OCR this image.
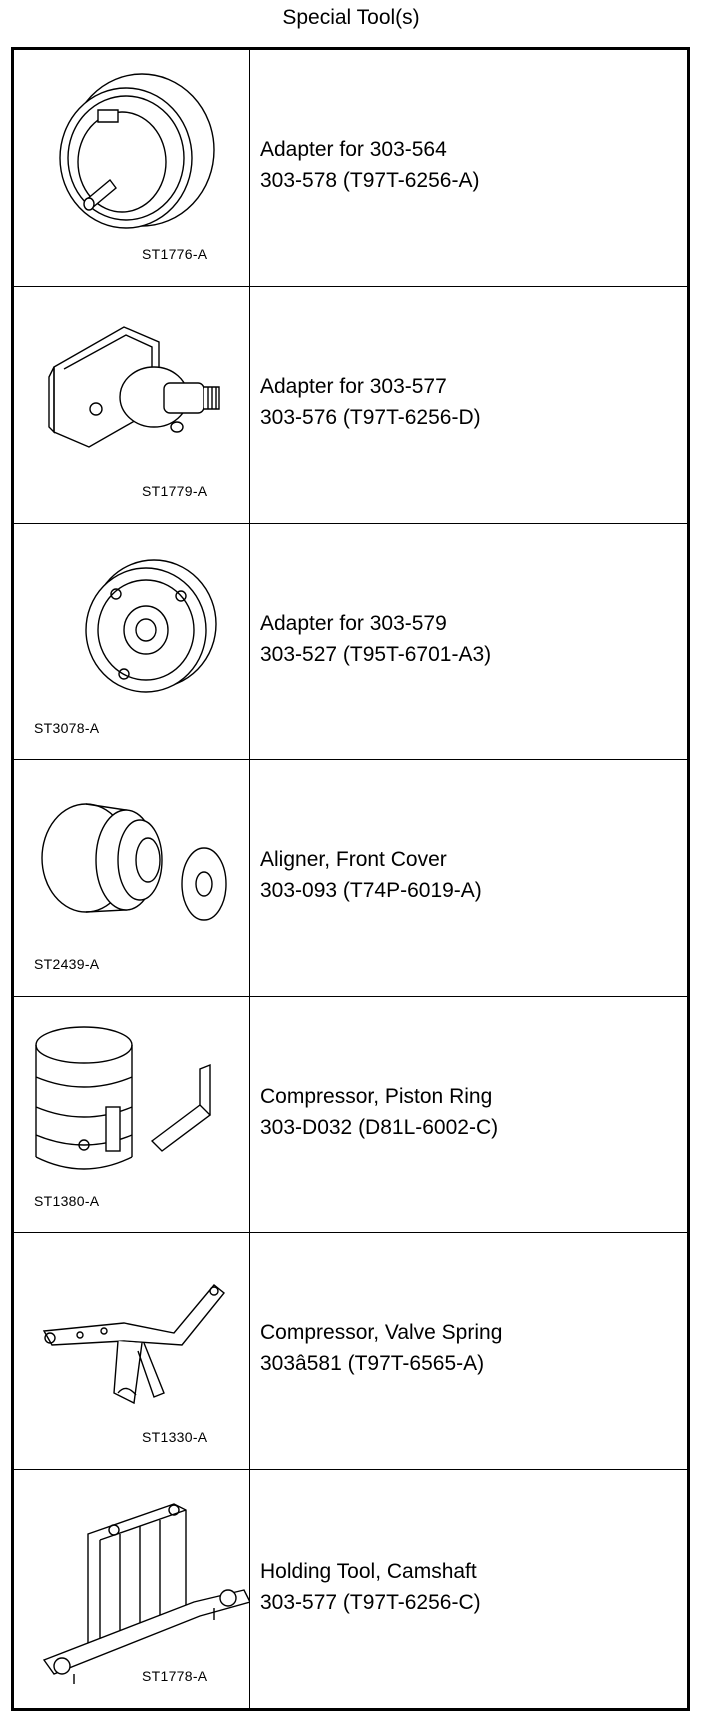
Special Tool(s)
ST1776-A
Adapter for 303-564
303-578 (T97T-6256-A)
ST1779-A
Adapter for 303-577
303-576 (T97T-6256-D)
ST3078-A
Adapter for 303-579
303-527 (T95T-6701-A3)
ST2439-A
Aligner, Front Cover
303-093 (T74P-6019-A)
ST1380-A
Compressor, Piston Ring
303-D032 (D81L-6002-C)
ST1330-A
Compressor, Valve Spring
303â581 (T97T-6565-A)
ST1778-A
Holding Tool, Camshaft
303-577 (T97T-6256-C)
